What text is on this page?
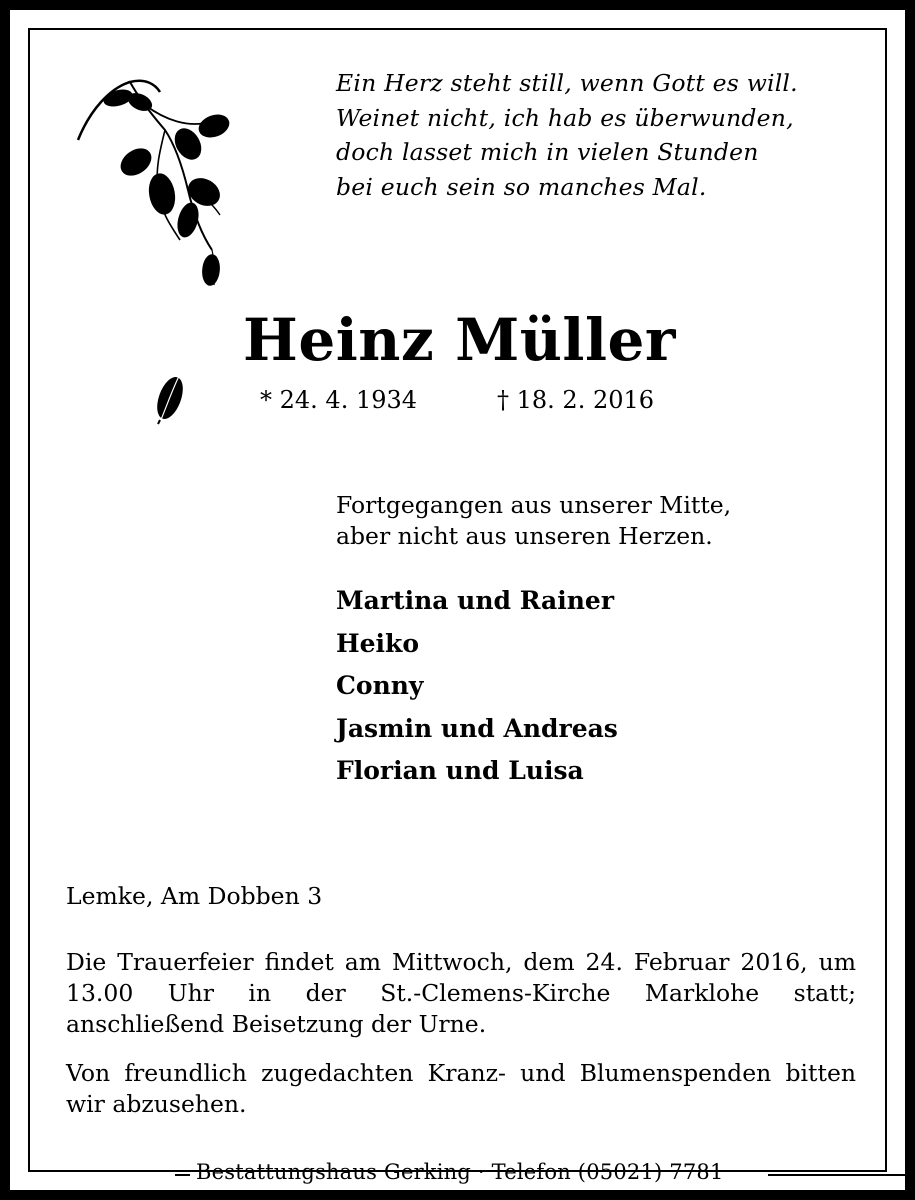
Ein Herz steht still, wenn Gott es will.
Weinet nicht, ich hab es überwunden,
doch lasset mich in vielen Stunden
bei euch sein so manches Mal.
Heinz Müller
* 24. 4. 1934	† 18. 2. 2016
Fortgegangen aus unserer Mitte,
aber nicht aus unseren Herzen.
Martina und Rainer
Heiko
Conny
Jasmin und Andreas
Florian und Luisa
Lemke, Am Dobben 3
Die Trauerfeier findet am Mittwoch, dem 24. Februar 2016, um 13.00 Uhr in der St.-Clemens-Kirche Marklohe statt; anschließend Beisetzung der Urne.
Von freundlich zugedachten Kranz- und Blumenspenden bitten wir abzusehen.
Bestattungshaus Gerking · Telefon (05021) 7781
